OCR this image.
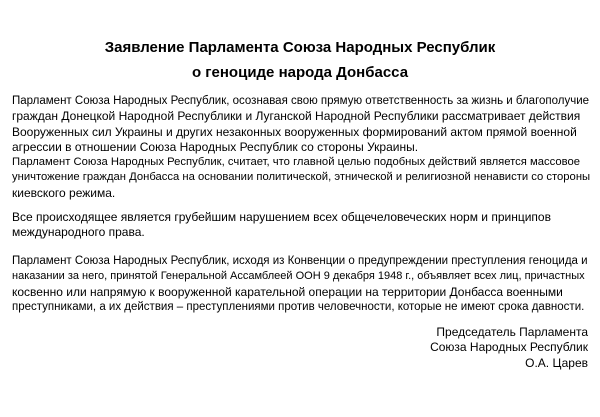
Заявление Парламента Союза Народных Республик
о геноциде народа Донбасса

Парламент Союза Народных Республик, осознавая свою прямую ответственность за жизнь и благополучие
граждан Донецкой Народной Республики и Луганской Народной Республики рассматривает действия
Вооруженных сил Украины и других незаконных вооруженных формирований актом прямой военной
агрессии в отношении Союза Народных Республик со стороны Украины.

Парламент Союза Народных Республик, считает, что главной целью подобных действий является массовое
уничтожение граждан Донбасса на основании политической, этнической и религиозной ненависти со стороны
киевского режима.

Все происходящее является грубейшим нарушением всех общечеловеческих норм и принципов
международного права.

Парламент Союза Народных Республик, исходя из Конвенции о предупреждении преступления геноцида и
наказании за него, принятой Генеральной Ассамблеей ООН 9 декабря 1948 г., объявляет всех лиц, причастных
косвенно или напрямую к вооруженной карательной операции на территории Донбасса военными
преступниками, а их действия – преступлениями против человечности, которые не имеют срока давности.

Председатель Парламента
Союза Народных Республик
О.А. Царев
